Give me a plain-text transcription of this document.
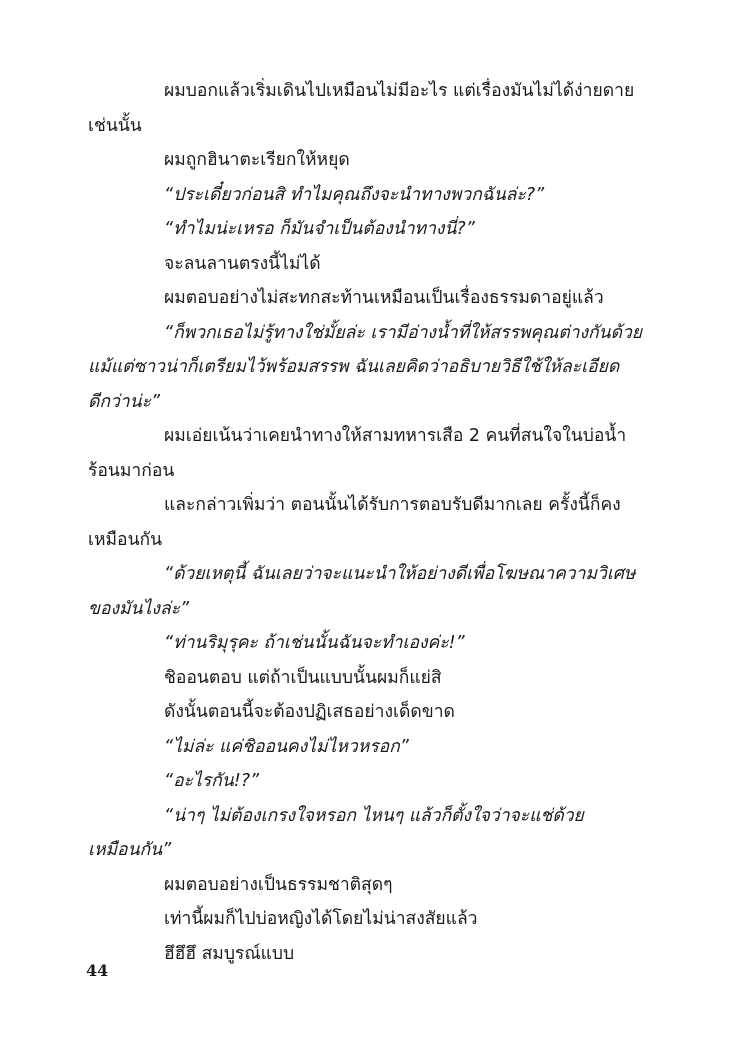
ผมบอกแล้วเริ่มเดินไปเหมือนไม่มีอะไร แต่เรื่องมันไม่ได้ง่ายดาย
เช่นนั้น
ผมถูกฮินาตะเรียกให้หยุด
“ประเดี๋ยวก่อนสิ ทำไมคุณถึงจะนำทางพวกฉันล่ะ?”
“ทำไมน่ะเหรอ ก็มันจำเป็นต้องนำทางนี่?”
จะลนลานตรงนี้ไม่ได้
ผมตอบอย่างไม่สะทกสะท้านเหมือนเป็นเรื่องธรรมดาอยู่แล้ว
“ก็พวกเธอไม่รู้ทางใช่มั้ยล่ะ เรามีอ่างน้ำที่ให้สรรพคุณต่างกันด้วย
แม้แต่ซาวน่าก็เตรียมไว้พร้อมสรรพ ฉันเลยคิดว่าอธิบายวิธีใช้ให้ละเอียด
ดีกว่าน่ะ”
ผมเอ่ยเน้นว่าเคยนำทางให้สามทหารเสือ 2 คนที่สนใจในบ่อน้ำ
ร้อนมาก่อน
และกล่าวเพิ่มว่า ตอนนั้นได้รับการตอบรับดีมากเลย ครั้งนี้ก็คง
เหมือนกัน
“ด้วยเหตุนี้ ฉันเลยว่าจะแนะนำให้อย่างดีเพื่อโฆษณาความวิเศษ
ของมันไงล่ะ”
“ท่านริมุรุคะ ถ้าเช่นนั้นฉันจะทำเองค่ะ!”
ชิออนตอบ แต่ถ้าเป็นแบบนั้นผมก็แย่สิ
ดังนั้นตอนนี้จะต้องปฏิเสธอย่างเด็ดขาด
“ไม่ล่ะ แค่ชิออนคงไม่ไหวหรอก”
“อะไรกัน!?”
“น่าๆ ไม่ต้องเกรงใจหรอก ไหนๆ แล้วก็ตั้งใจว่าจะแช่ด้วย
เหมือนกัน”
ผมตอบอย่างเป็นธรรมชาติสุดๆ
เท่านี้ผมก็ไปบ่อหญิงได้โดยไม่น่าสงสัยแล้ว
ฮึฮึฮึ สมบูรณ์แบบ
44
